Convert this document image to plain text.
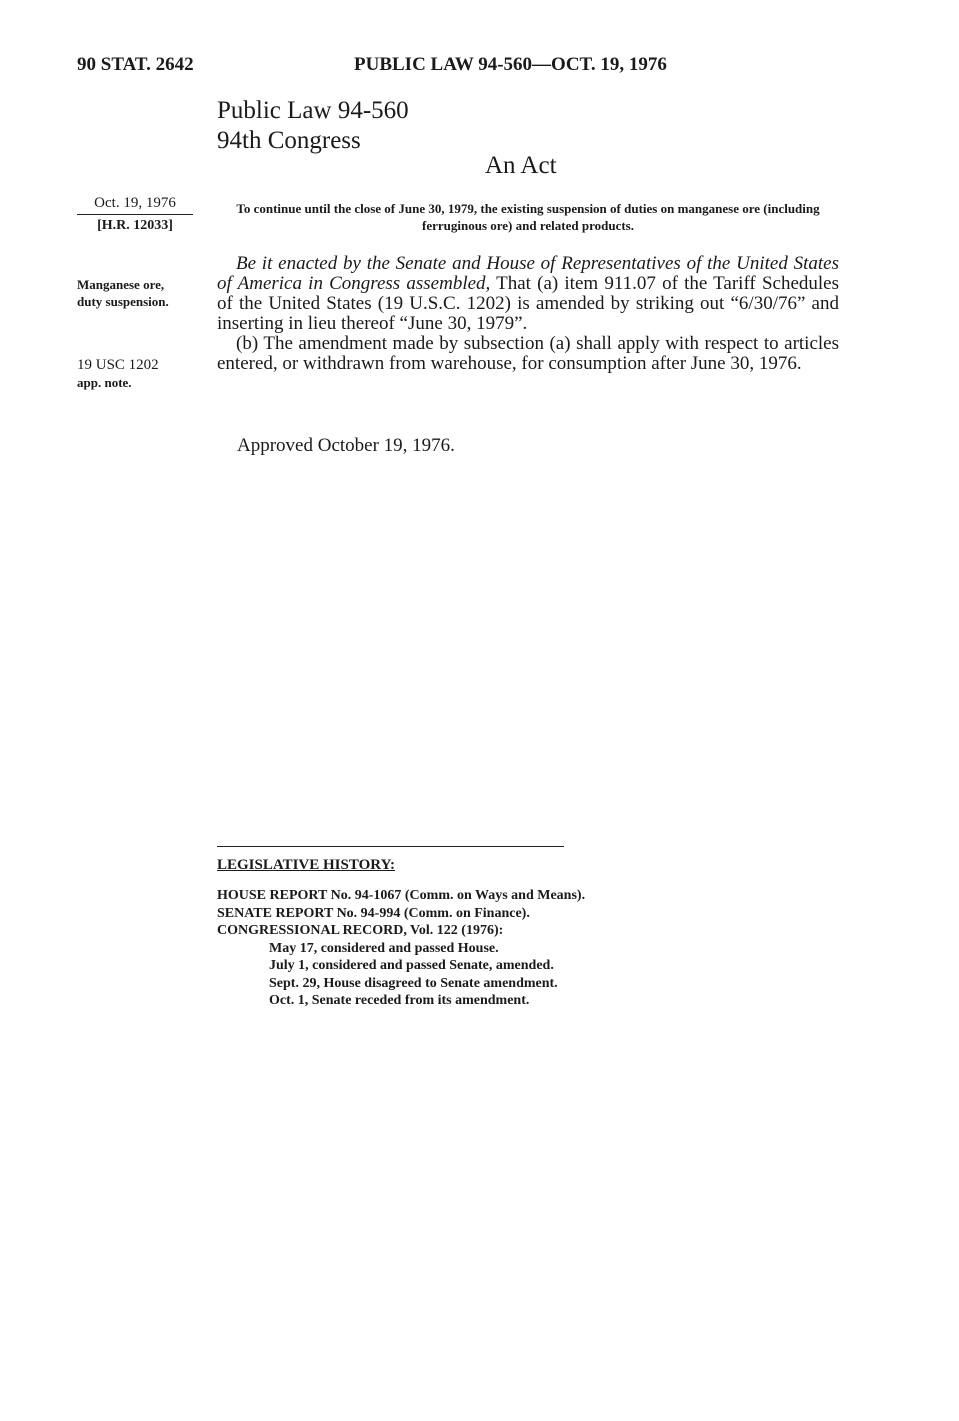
90 STAT. 2642	PUBLIC LAW 94-560—OCT. 19, 1976
Public Law 94-560
94th Congress
An Act
Oct. 19, 1976
[H.R. 12033]
Manganese ore,
duty suspension.
19 USC 1202
app. note.
To continue until the close of June 30, 1979, the existing suspension of duties on manganese ore (including ferruginous ore) and related products.

Be it enacted by the Senate and House of Representatives of the United States of America in Congress assembled, That (a) item 911.07 of the Tariff Schedules of the United States (19 U.S.C. 1202) is amended by striking out “6/30/76” and inserting in lieu thereof “June 30, 1979”.

(b) The amendment made by subsection (a) shall apply with respect to articles entered, or withdrawn from warehouse, for consumption after June 30, 1976.

Approved October 19, 1976.
LEGISLATIVE HISTORY:
HOUSE REPORT No. 94-1067 (Comm. on Ways and Means).
SENATE REPORT No. 94-994 (Comm. on Finance).
CONGRESSIONAL RECORD, Vol. 122 (1976):
May 17, considered and passed House.
July 1, considered and passed Senate, amended.
Sept. 29, House disagreed to Senate amendment.
Oct. 1, Senate receded from its amendment.
